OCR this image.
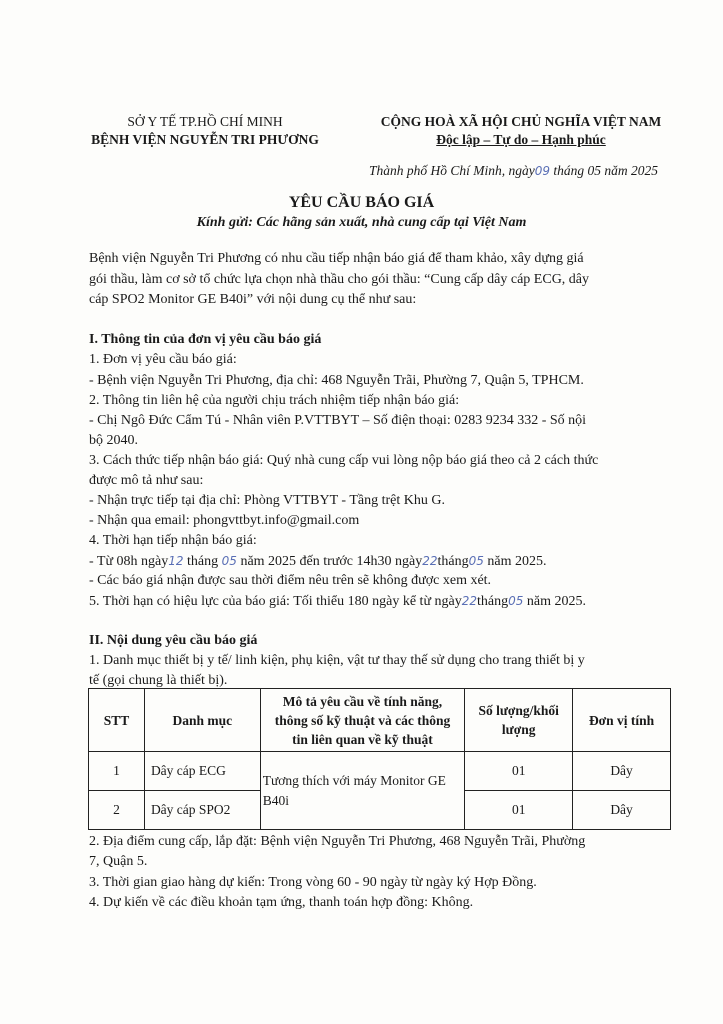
SỞ Y TẾ TP.HỒ CHÍ MINH
BỆNH VIỆN NGUYỄN TRI PHƯƠNG
CỘNG HOÀ XÃ HỘI CHỦ NGHĨA VIỆT NAM
Độc lập – Tự do – Hạnh phúc
Thành phố Hồ Chí Minh, ngày09 tháng 05 năm 2025
YÊU CẦU BÁO GIÁ
Kính gửi: Các hãng sản xuất, nhà cung cấp tại Việt Nam
Bệnh viện Nguyễn Tri Phương có nhu cầu tiếp nhận báo giá để tham khảo, xây dựng giá
gói thầu, làm cơ sở tổ chức lựa chọn nhà thầu cho gói thầu: “Cung cấp dây cáp ECG, dây
cáp SPO2 Monitor GE B40i” với nội dung cụ thể như sau:
I. Thông tin của đơn vị yêu cầu báo giá
1. Đơn vị yêu cầu báo giá:
- Bệnh viện Nguyễn Tri Phương, địa chỉ: 468 Nguyễn Trãi, Phường 7, Quận 5, TPHCM.
2. Thông tin liên hệ của người chịu trách nhiệm tiếp nhận báo giá:
- Chị Ngô Đức Cẩm Tú - Nhân viên P.VTTBYT – Số điện thoại: 0283 9234 332 - Số nội
bộ 2040.
3. Cách thức tiếp nhận báo giá: Quý nhà cung cấp vui lòng nộp báo giá theo cả 2 cách thức
được mô tả như sau:
- Nhận trực tiếp tại địa chỉ: Phòng VTTBYT - Tầng trệt Khu G.
- Nhận qua email: phongvttbyt.info@gmail.com
4. Thời hạn tiếp nhận báo giá:
- Từ 08h ngày12 tháng 05 năm 2025 đến trước 14h30 ngày22tháng05 năm 2025.
- Các báo giá nhận được sau thời điểm nêu trên sẽ không được xem xét.
5. Thời hạn có hiệu lực của báo giá: Tối thiểu 180 ngày kể từ ngày22tháng05 năm 2025.
II. Nội dung yêu cầu báo giá
1. Danh mục thiết bị y tế/ linh kiện, phụ kiện, vật tư thay thế sử dụng cho trang thiết bị y
tế (gọi chung là thiết bị).
STT	Danh mục	Mô tả yêu cầu về tính năng, thông số kỹ thuật và các thông tin liên quan về kỹ thuật	Số lượng/khối lượng	Đơn vị tính
1	Dây cáp ECG	Tương thích với máy Monitor GE B40i	01	Dây
2	Dây cáp SPO2		01	Dây
2. Địa điểm cung cấp, lắp đặt: Bệnh viện Nguyễn Tri Phương, 468 Nguyễn Trãi, Phường
7, Quận 5.
3. Thời gian giao hàng dự kiến: Trong vòng 60 - 90 ngày từ ngày ký Hợp Đồng.
4. Dự kiến về các điều khoản tạm ứng, thanh toán hợp đồng: Không.
